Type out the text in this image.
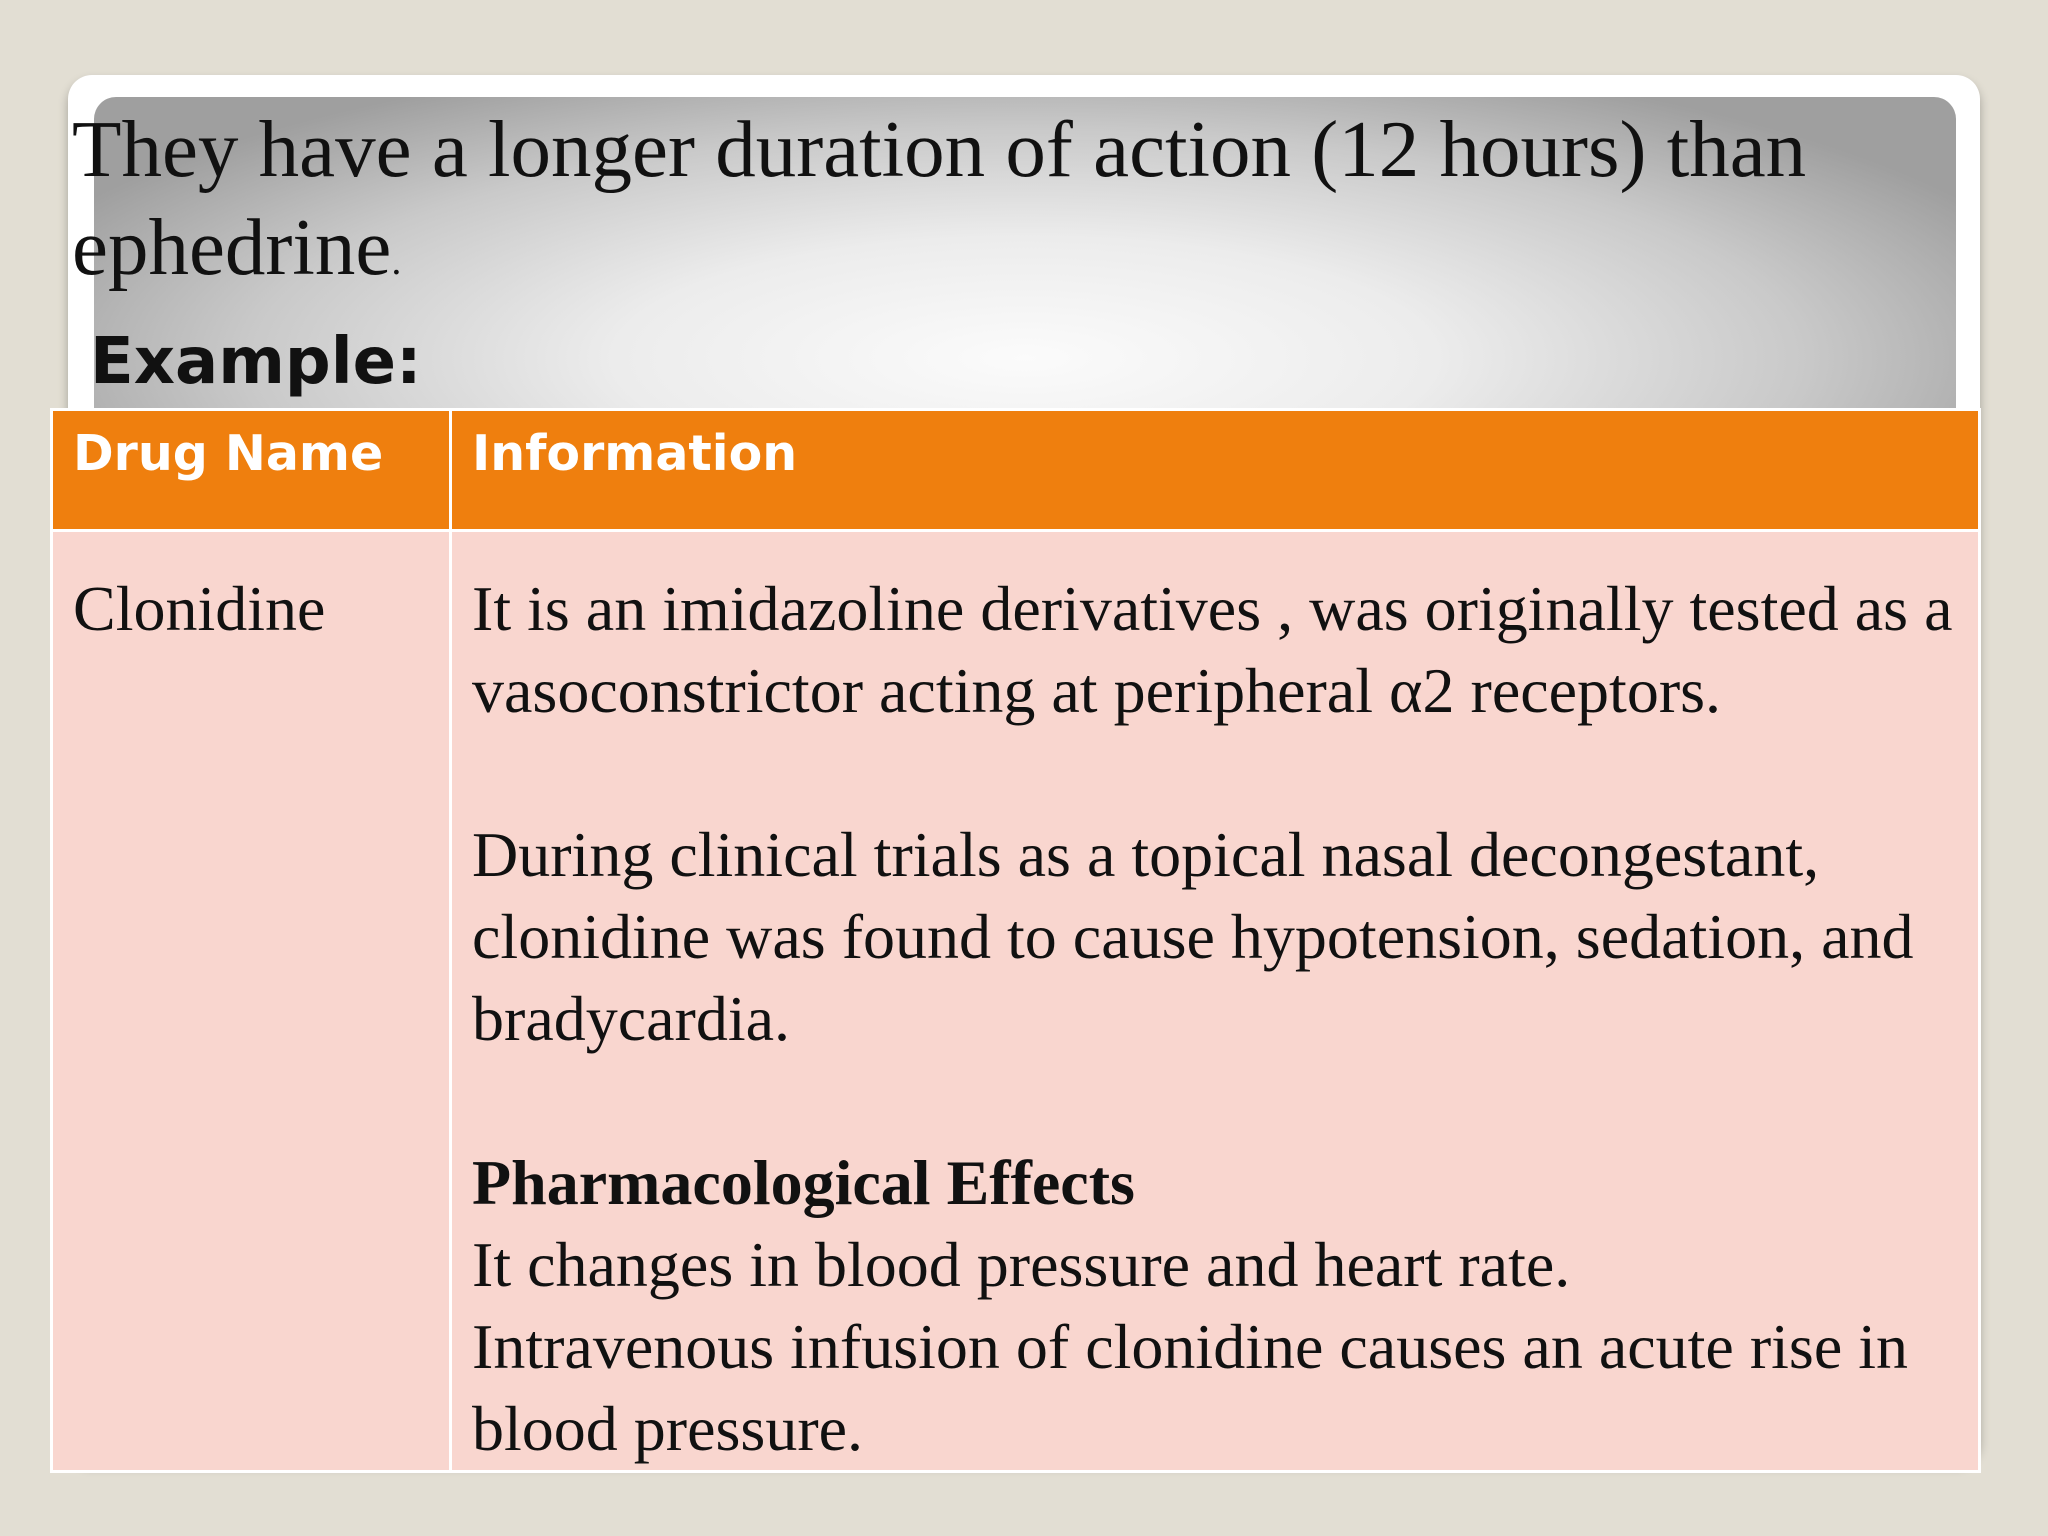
They have a longer duration of action (12 hours) than ephedrine.
Example:
Drug Name	Information
Clonidine	It is an imidazoline derivatives , was originally tested as a vasoconstrictor acting at peripheral α2 receptors.

During clinical trials as a topical nasal decongestant, clonidine was found to cause hypotension, sedation, and bradycardia.

Pharmacological Effects

It changes in blood pressure and heart rate.

Intravenous infusion of clonidine causes an acute rise in blood pressure.
